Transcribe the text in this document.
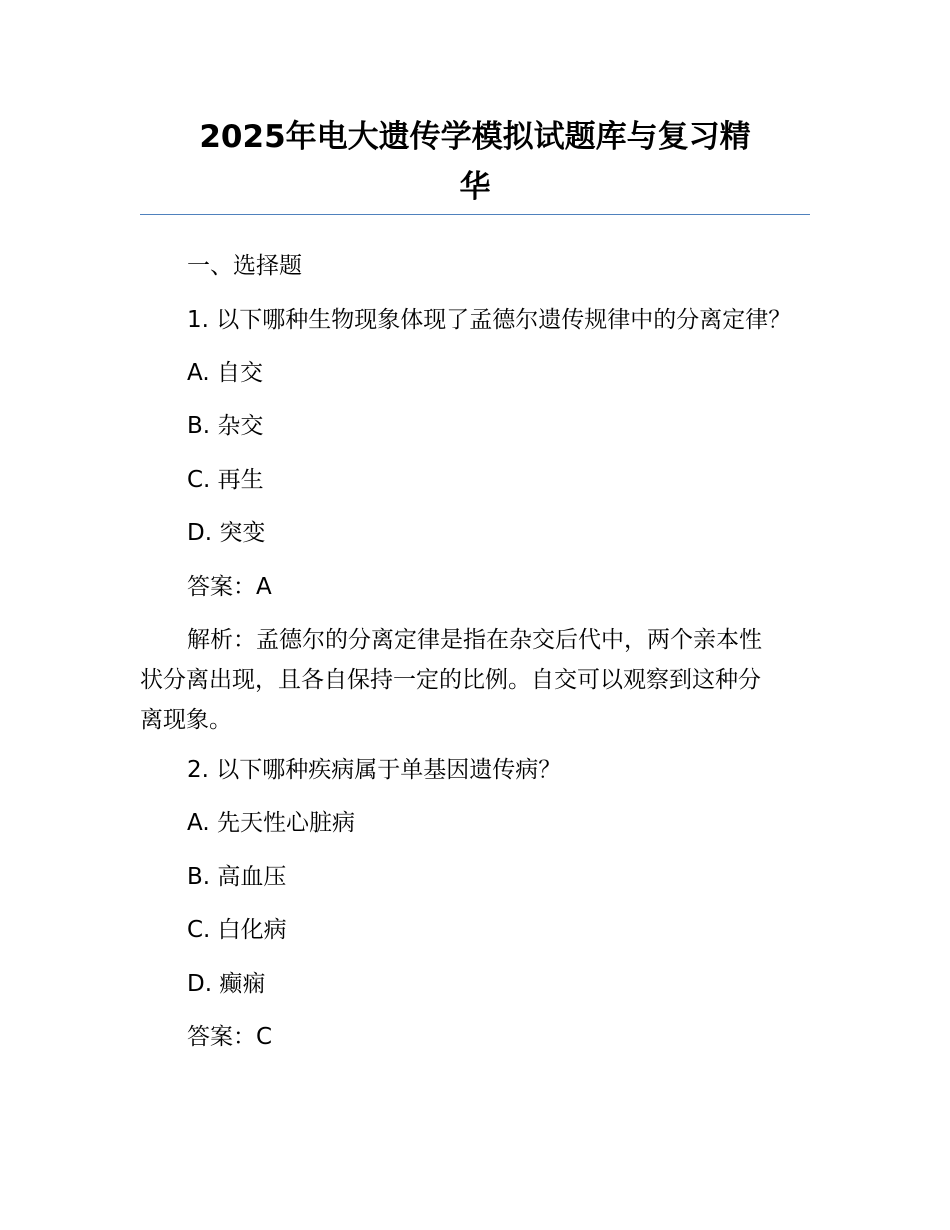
2025年电大遗传学模拟试题库与复习精
华

一、选择题

1. 以下哪种生物现象体现了孟德尔遗传规律中的分离定律？

A. 自交

B. 杂交

C. 再生

D. 突变

答案：A

解析：孟德尔的分离定律是指在杂交后代中，两个亲本性
状分离出现，且各自保持一定的比例。自交可以观察到这种分
离现象。

2. 以下哪种疾病属于单基因遗传病？

A. 先天性心脏病

B. 高血压

C. 白化病

D. 癫痫

答案：C
